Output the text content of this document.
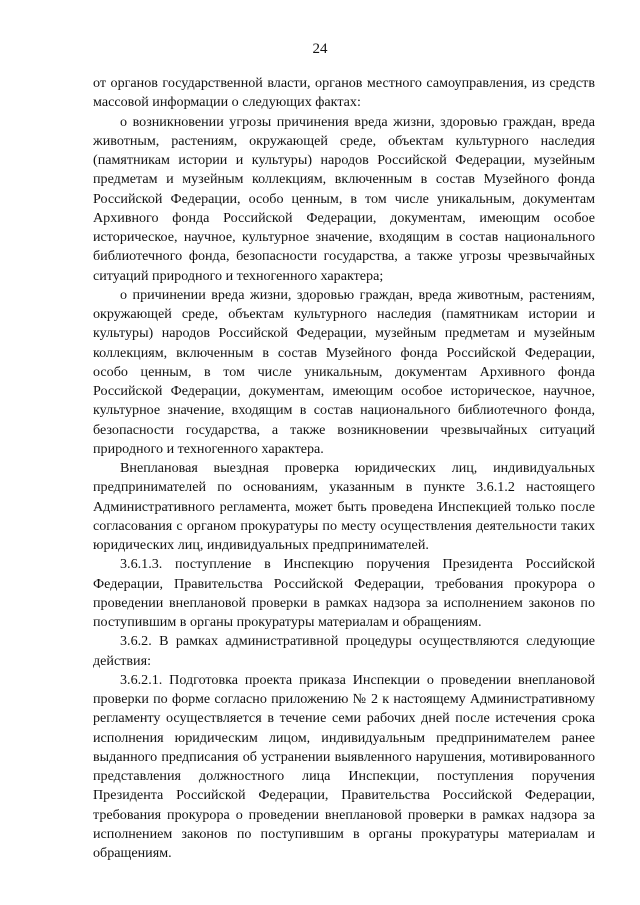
24

от органов государственной власти, органов местного самоуправления, из средств массовой информации о следующих фактах:

о возникновении угрозы причинения вреда жизни, здоровью граждан, вреда животным, растениям, окружающей среде, объектам культурного наследия (памятникам истории и культуры) народов Российской Федерации, музейным предметам и музейным коллекциям, включенным в состав Музейного фонда Российской Федерации, особо ценным, в том числе уникальным, документам Архивного фонда Российской Федерации, документам, имеющим особое историческое, научное, культурное значение, входящим в состав национального библиотечного фонда, безопасности государства, а также угрозы чрезвычайных ситуаций природного и техногенного характера;

о причинении вреда жизни, здоровью граждан, вреда животным, растениям, окружающей среде, объектам культурного наследия (памятникам истории и культуры) народов Российской Федерации, музейным предметам и музейным коллекциям, включенным в состав Музейного фонда Российской Федерации, особо ценным, в том числе уникальным, документам Архивного фонда Российской Федерации, документам, имеющим особое историческое, научное, культурное значение, входящим в состав национального библиотечного фонда, безопасности государства, а также возникновении чрезвычайных ситуаций природного и техногенного характера.

Внеплановая выездная проверка юридических лиц, индивидуальных предпринимателей по основаниям, указанным в пункте 3.6.1.2 настоящего Административного регламента, может быть проведена Инспекцией только после согласования с органом прокуратуры по месту осуществления деятельности таких юридических лиц, индивидуальных предпринимателей.

3.6.1.3. поступление в Инспекцию поручения Президента Российской Федерации, Правительства Российской Федерации, требования прокурора о проведении внеплановой проверки в рамках надзора за исполнением законов по поступившим в органы прокуратуры материалам и обращениям.

3.6.2. В рамках административной процедуры осуществляются следующие действия:

3.6.2.1. Подготовка проекта приказа Инспекции о проведении внеплановой проверки по форме согласно приложению № 2 к настоящему Административному регламенту осуществляется в течение семи рабочих дней после истечения срока исполнения юридическим лицом, индивидуальным предпринимателем ранее выданного предписания об устранении выявленного нарушения, мотивированного представления должностного лица Инспекции, поступления поручения Президента Российской Федерации, Правительства Российской Федерации, требования прокурора о проведении внеплановой проверки в рамках надзора за исполнением законов по поступившим в органы прокуратуры материалам и обращениям.
